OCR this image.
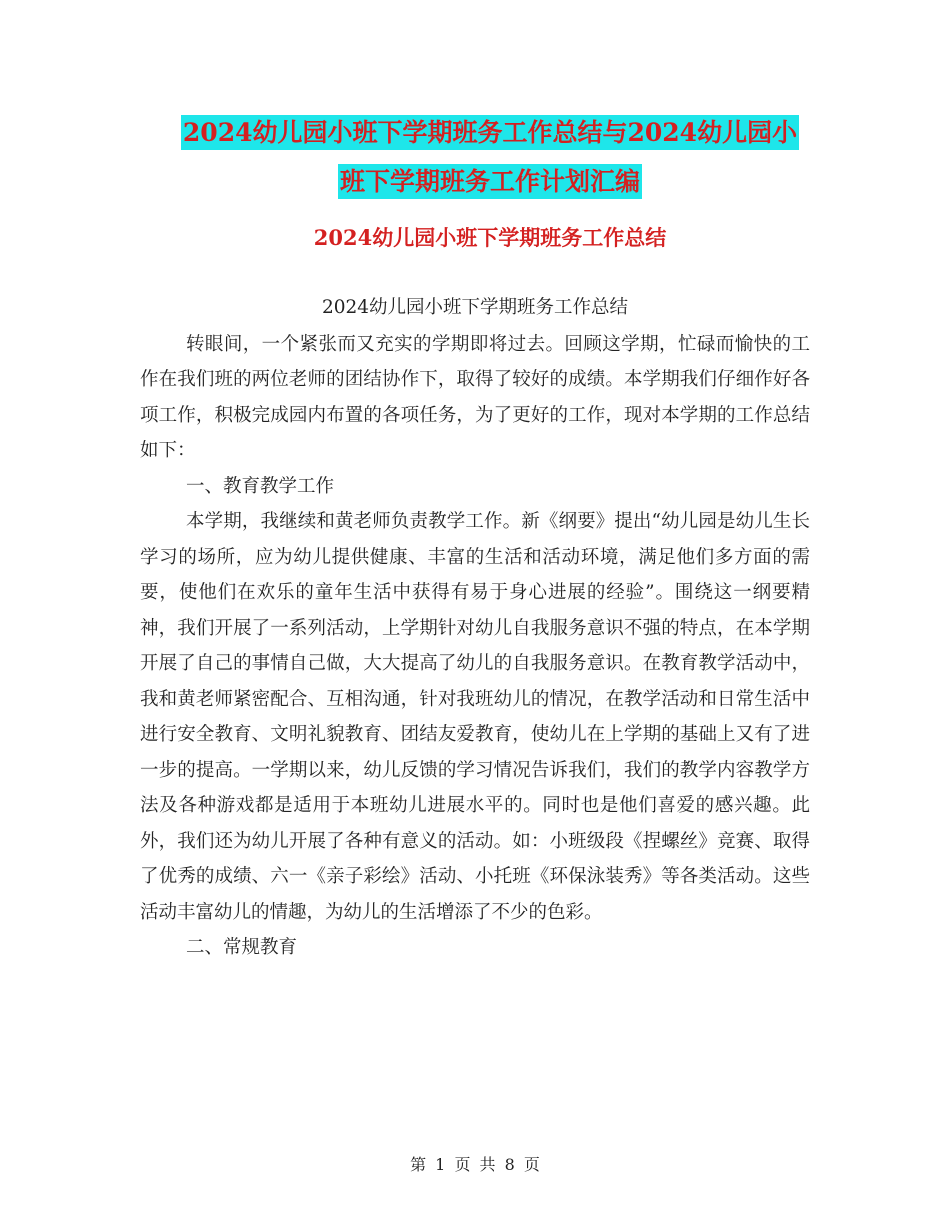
2024幼儿园小班下学期班务工作总结与2024幼儿园小
班下学期班务工作计划汇编
2024幼儿园小班下学期班务工作总结

2024幼儿园小班下学期班务工作总结

转眼间，一个紧张而又充实的学期即将过去。回顾这学期，忙碌而愉快的工作在我们班的两位老师的团结协作下，取得了较好的成绩。本学期我们仔细作好各项工作，积极完成园内布置的各项任务，为了更好的工作，现对本学期的工作总结如下：

一、教育教学工作

本学期，我继续和黄老师负责教学工作。新《纲要》提出“幼儿园是幼儿生长学习的场所，应为幼儿提供健康、丰富的生活和活动环境，满足他们多方面的需要，使他们在欢乐的童年生活中获得有易于身心进展的经验”。围绕这一纲要精神，我们开展了一系列活动，上学期针对幼儿自我服务意识不强的特点，在本学期开展了自己的事情自己做，大大提高了幼儿的自我服务意识。在教育教学活动中，我和黄老师紧密配合、互相沟通，针对我班幼儿的情况，在教学活动和日常生活中进行安全教育、文明礼貌教育、团结友爱教育，使幼儿在上学期的基础上又有了进一步的提高。一学期以来，幼儿反馈的学习情况告诉我们，我们的教学内容教学方法及各种游戏都是适用于本班幼儿进展水平的。同时也是他们喜爱的感兴趣。此外，我们还为幼儿开展了各种有意义的活动。如：小班级段《捏螺丝》竞赛、取得了优秀的成绩、六一《亲子彩绘》活动、小托班《环保泳装秀》等各类活动。这些活动丰富幼儿的情趣，为幼儿的生活增添了不少的色彩。

二、常规教育

第 1 页 共 8 页
